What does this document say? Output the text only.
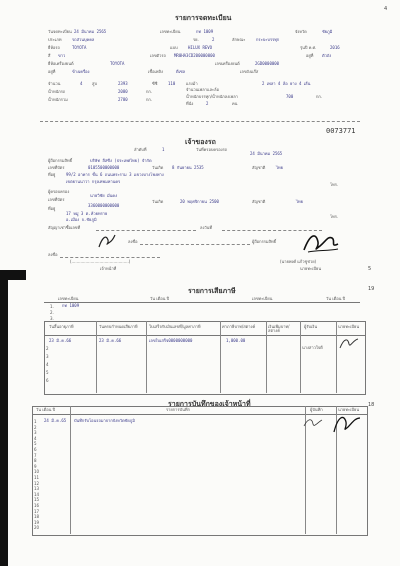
4
รายการจดทะเบียน
วันจดทะเบียน 24 มีนาคม 2565	เลขทะเบียน	กท 1009	จังหวัด	ชัยภูมิ
ประเภท	รถส่วนบุคคล	รย.	2	ลักษณะ	กระบะบรรทุก
ยี่ห้อรถ	TOYOTA	แบบ	HILUX REVO	รุ่นปี ค.ศ.	2016
สี ขาว	เลขตัวรถ MR0HA3CD200000000	อยู่ที่ ตัวถัง
ยี่ห้อเครื่องยนต์	TOYOTA	เลขเครื่องยนต์	2GD0000000
อยู่ที่	ข้างเครื่อง	เชื้อเพลิง	ดีเซล	เลขถังแก๊ส
จำนวน	4 สูบ	2393	ซีซี	110	แรงม้า
จำนวนเพลาและล้อ
2 เพลา 4 ล้อ ยาง 4 เส้น
น้ำหนักรถ	2080	กก.
น้ำหนักบรรทุก/น้ำหนักลงเพลา	700	กก.
น้ำหนักรวม	2780	กก.
ที่นั่ง	2	คน
0073771
เจ้าของรถ
ลำดับที่	1	วันที่ครอบครองรถ
24 มีนาคม 2565
ผู้ถือกรรมสิทธิ์	บริษัท ลีสซิ่ง (ประเทศไทย) จำกัด
เลขที่บัตร	0105500000000	วันเกิด 8 กันยายน 2535	สัญชาติ	ไทย
ที่อยู่	99/2 อาคาร ชั้น 6 ถนนพระราม 3 แขวงบางโพงพาง
เขตยานนาวา กรุงเทพมหานคร
โทร.
ผู้ครอบครอง
นายวิชัย มั่นคง
เลขที่บัตร
3360000000000
วันเกิด	20 พฤศจิกายน 2500	สัญชาติ	ไทย
ที่อยู่
17 หมู่ 3 ต.ห้วยทราย
อ.เมือง จ.ชัยภูมิ
โทร.
สัญญาเช่าซื้อเลขที่	ลงวันที่
ลงชื่อ	ผู้ถือกรรมสิทธิ์
ลงชื่อ
(.............................................)
เจ้าหน้าที่
(นายพงศ์ แก้วชูช่วย)
นายทะเบียน	5
19
รายการเสียภาษี
เลขทะเบียน	วัน เดือน ปี	เลขทะเบียน	วัน เดือน ปี
1. กท 1009
2.
3.
วันสิ้นอายุภาษี	วันครบกำหนดเสียภาษี	ใบเสร็จรับเงินเลขที่/มูลค่าภาษี	ค่าภาษีบาท/สตางค์	เงินเพิ่มบาท/สตางค์
ผู้รับเงิน	นายทะเบียน
23 มี.ค.66	23 มี.ค.66	เลขใบเสร็จ0000000000	1,000.00
นางสาวใจดี
2
3
4
5
6
รายการบันทึกของเจ้าหน้าที่	18
วัน เดือน ปี	รายการบันทึก	ผู้บันทึก	นายทะเบียน
24 มี.ค.65 บันทึกรับโอนรถมาจากจังหวัดชัยภูมิ
1
2
3
4
5
6
7
8
9
10
11
12
13
14
15
16
17
18
19
20
